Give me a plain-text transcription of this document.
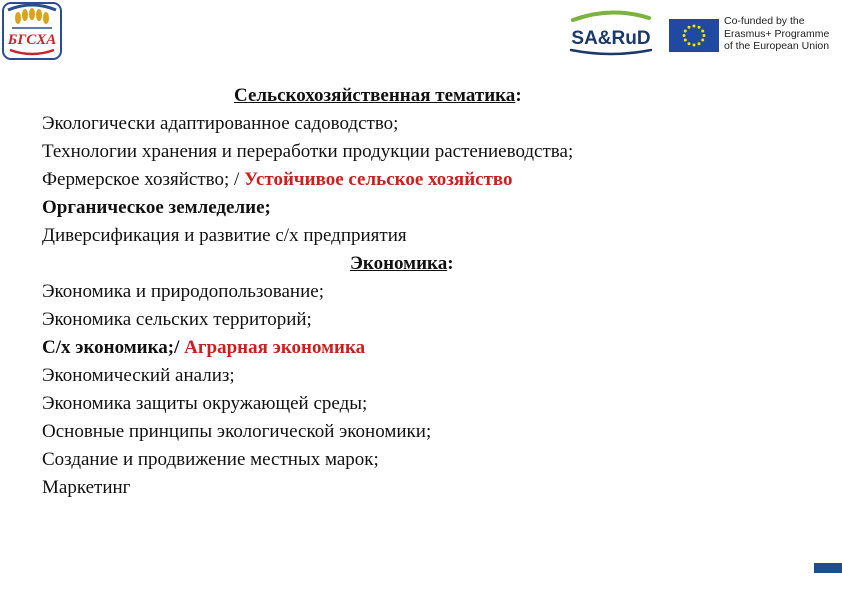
БГСХА	SA&RuD
Co-funded by the
Erasmus+ Programme
of the European Union
Сельскохозяйственная тематика:
Экологически адаптированное садоводство;
Технологии хранения и переработки продукции растениеводства;
Фермерское хозяйство; / Устойчивое сельское хозяйство
Органическое земледелие;
Диверсификация и развитие с/х предприятия
Экономика:
Экономика и природопользование;
Экономика сельских территорий;
С/х экономика;/ Аграрная экономика
Экономический анализ;
Экономика защиты окружающей среды;
Основные принципы экологической экономики;
Создание и продвижение местных марок;
Маркетинг
